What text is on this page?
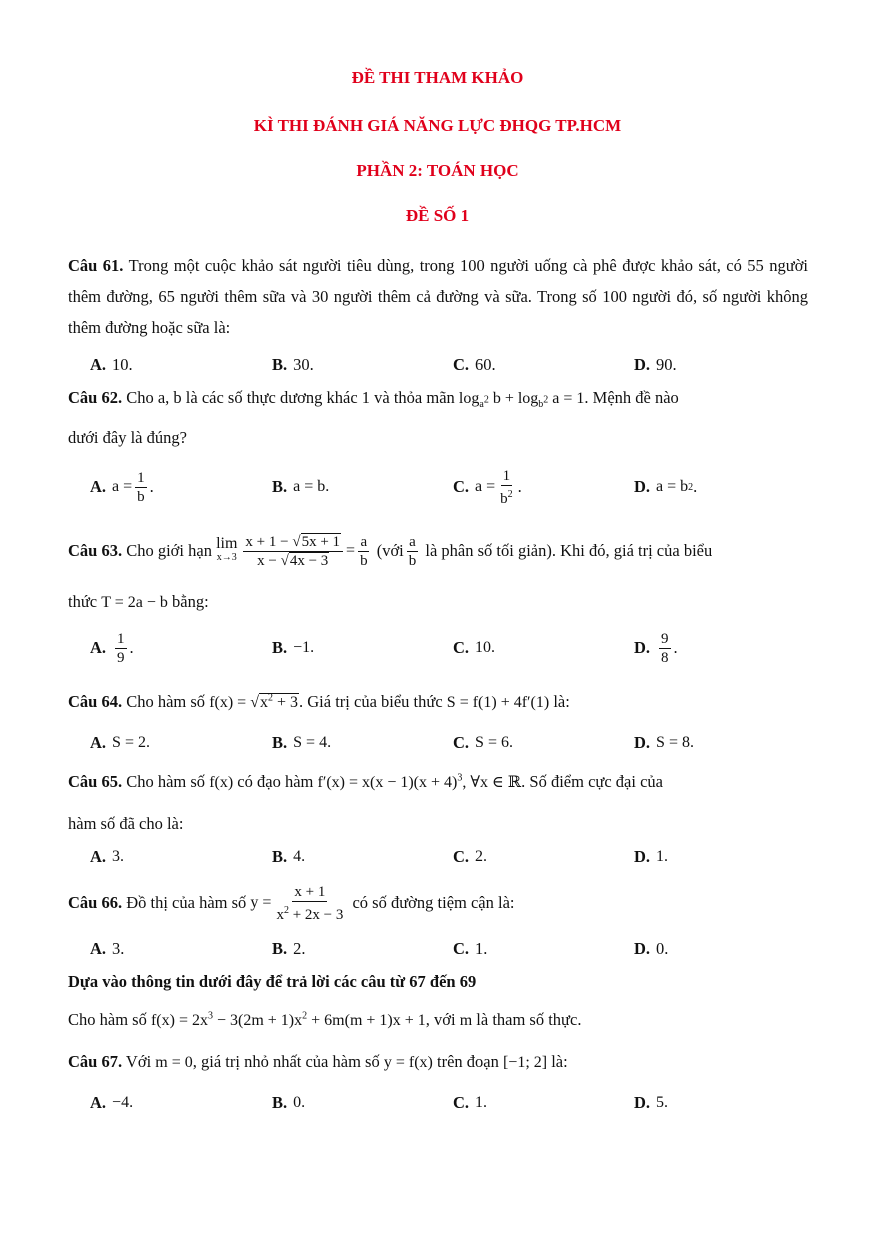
ĐỀ THI THAM KHẢO
KÌ THI ĐÁNH GIÁ NĂNG LỰC ĐHQG TP.HCM
PHẦN 2: TOÁN HỌC
ĐỀ SỐ 1
Câu 61. Trong một cuộc khảo sát người tiêu dùng, trong 100 người uống cà phê được khảo sát, có 55 người thêm đường, 65 người thêm sữa và 30 người thêm cả đường và sữa. Trong số 100 người đó, số người không thêm đường hoặc sữa là:
A. 10.	B. 30.	C. 60.	D. 90.
Câu 62. Cho a, b là các số thực dương khác 1 và thỏa mãn $\log_{a^2} b + \log_{b^2} a = 1$. Mệnh đề nào
dưới đây là đúng?
A. $a = \frac{1}{b}$ .	B. a = b.	C. $a = \frac{1}{b^2}$ .	D. a = b 2 .
Câu 63.
Cho giới hạn
lim
$x\to 3 \frac{x + 1 - √5x + 1}{x - √4x - 3} = \frac{a}{b}$
(với $\frac{a}{b}$
là phân số tối giản). Khi đó, giá trị của biểu
thức T = 2a − b bằng:
A. $\frac{1}{9}$ .	B. −1.	C. 10.	D. $\frac{9}{8}$ .
Câu 64. Cho hàm số $f(x) = √x^2 + 3$. Giá trị của biểu thức S = f(1) + 4f′(1) là:
A. S = 2.	B. S = 4.	C. S = 6.	D. S = 8.
Câu 65. Cho hàm số f(x) có đạo hàm $f'(x) = x(x - 1)(x + 4)^3$, ∀x ∈ ℝ. Số điểm cực đại của
hàm số đã cho là:
A. 3.	B. 4.	C. 2.	D. 1.
Câu 66.
Đồ thị của hàm số
$y = \frac{x + 1}{x^2 + 2x - 3}$
có số đường tiệm cận là:
A. 3.	B. 2.	C. 1.	D. 0.
Dựa vào thông tin dưới đây để trả lời các câu từ 67 đến 69
Cho hàm số $f(x) = 2x^3 - 3(2m + 1)x^2 + 6m(m + 1)x + 1$, với m là tham số thực.
Câu 67. Với m = 0, giá trị nhỏ nhất của hàm số y = f(x) trên đoạn [−1; 2] là:
A. −4.	B. 0.	C. 1.	D. 5.
